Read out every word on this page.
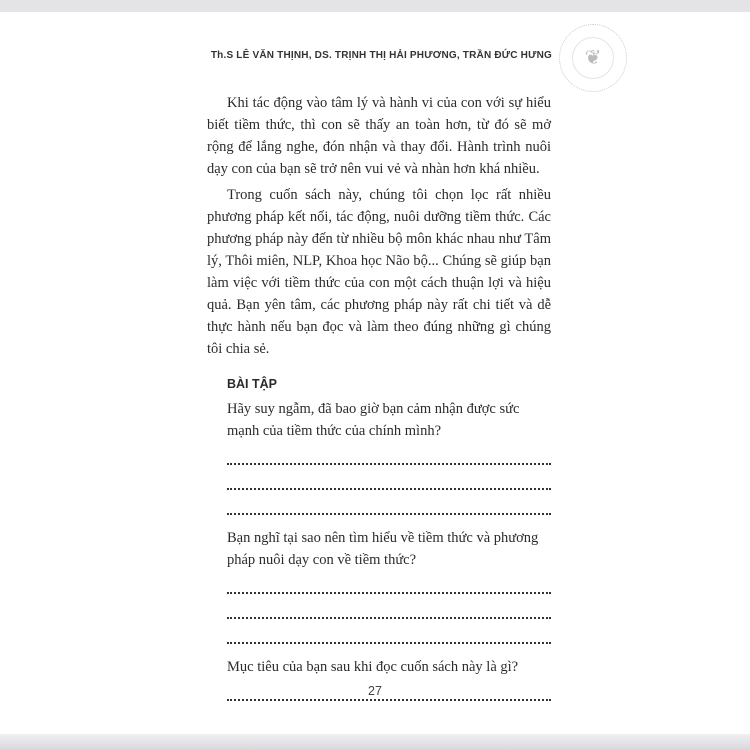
Th.S LÊ VĂN THỊNH, DS. TRỊNH THỊ HẢI PHƯƠNG, TRẦN ĐỨC HƯNG	❦
Khi tác động vào tâm lý và hành vi của con với sự hiểu biết tiềm thức, thì con sẽ thấy an toàn hơn, từ đó sẽ mở rộng để lắng nghe, đón nhận và thay đổi. Hành trình nuôi dạy con của bạn sẽ trở nên vui vẻ và nhàn hơn khá nhiều.
Trong cuốn sách này, chúng tôi chọn lọc rất nhiều phương pháp kết nối, tác động, nuôi dưỡng tiềm thức. Các phương pháp này đến từ nhiều bộ môn khác nhau như Tâm lý, Thôi miên, NLP, Khoa học Não bộ... Chúng sẽ giúp bạn làm việc với tiềm thức của con một cách thuận lợi và hiệu quả. Bạn yên tâm, các phương pháp này rất chi tiết và dễ thực hành nếu bạn đọc và làm theo đúng những gì chúng tôi chia sẻ.
BÀI TẬP
Hãy suy ngẫm, đã bao giờ bạn cảm nhận được sức mạnh của tiềm thức của chính mình?
Bạn nghĩ tại sao nên tìm hiểu về tiềm thức và phương pháp nuôi dạy con về tiềm thức?
Mục tiêu của bạn sau khi đọc cuốn sách này là gì?
27
